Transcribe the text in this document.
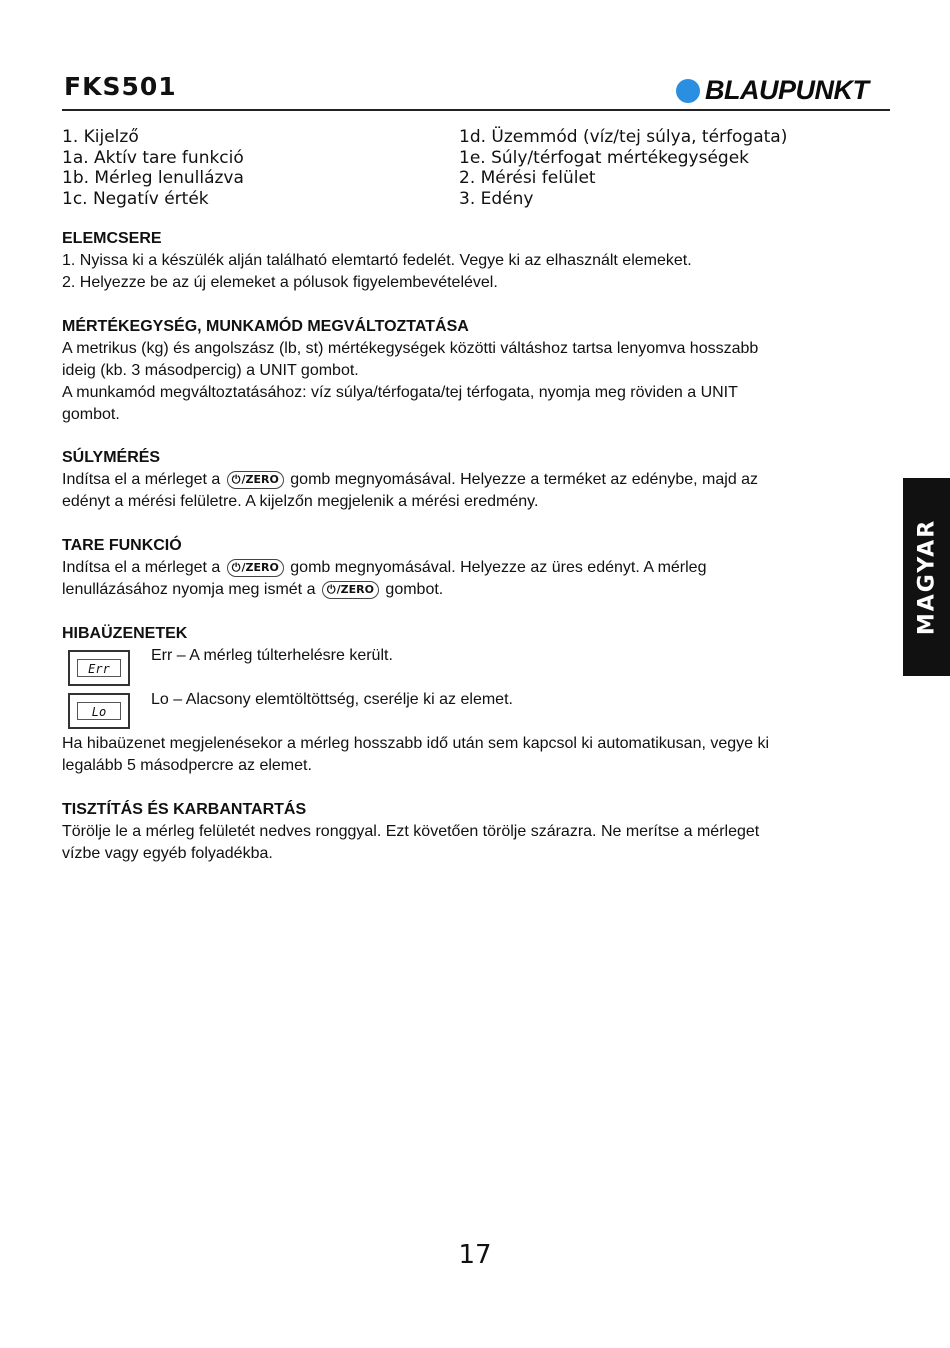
FKS501	BLAUPUNKT
1. Kijelző
1a. Aktív tare funkció
1b. Mérleg lenullázva
1c. Negatív érték
1d. Üzemmód (víz/tej súlya, térfogata)
1e. Súly/térfogat mértékegységek
2. Mérési felület
3. Edény
ELEMCSERE
1. Nyissa ki a készülék alján található elemtartó fedelét. Vegye ki az elhasznált elemeket.
2. Helyezze be az új elemeket a pólusok figyelembevételével.
MÉRTÉKEGYSÉG, MUNKAMÓD MEGVÁLTOZTATÁSA
A metrikus (kg) és angolszász (lb, st) mértékegységek közötti váltáshoz tartsa lenyomva hosszabb
ideig (kb. 3 másodpercig) a UNIT gombot.
A munkamód megváltoztatásához: víz súlya/térfogata/tej térfogata, nyomja meg röviden a UNIT
gombot.
SÚLYMÉRÉS
Indítsa el a mérleget a ⏻/ZERO gomb megnyomásával. Helyezze a terméket az edénybe, majd az
edényt a mérési felületre. A kijelzőn megjelenik a mérési eredmény.
TARE FUNKCIÓ
Indítsa el a mérleget a ⏻/ZERO gomb megnyomásával. Helyezze az üres edényt. A mérleg
lenullázásához nyomja meg ismét a ⏻/ZERO gombot.
HIBAÜZENETEK
Err
Err – A mérleg túlterhelésre került.
Lo
Lo – Alacsony elemtöltöttség, cserélje ki az elemet.
Ha hibaüzenet megjelenésekor a mérleg hosszabb idő után sem kapcsol ki automatikusan, vegye ki
legalább 5 másodpercre az elemet.
TISZTÍTÁS ÉS KARBANTARTÁS
Törölje le a mérleg felületét nedves ronggyal. Ezt követően törölje szárazra. Ne merítse a mérleget
vízbe vagy egyéb folyadékba.
MAGYAR
17
